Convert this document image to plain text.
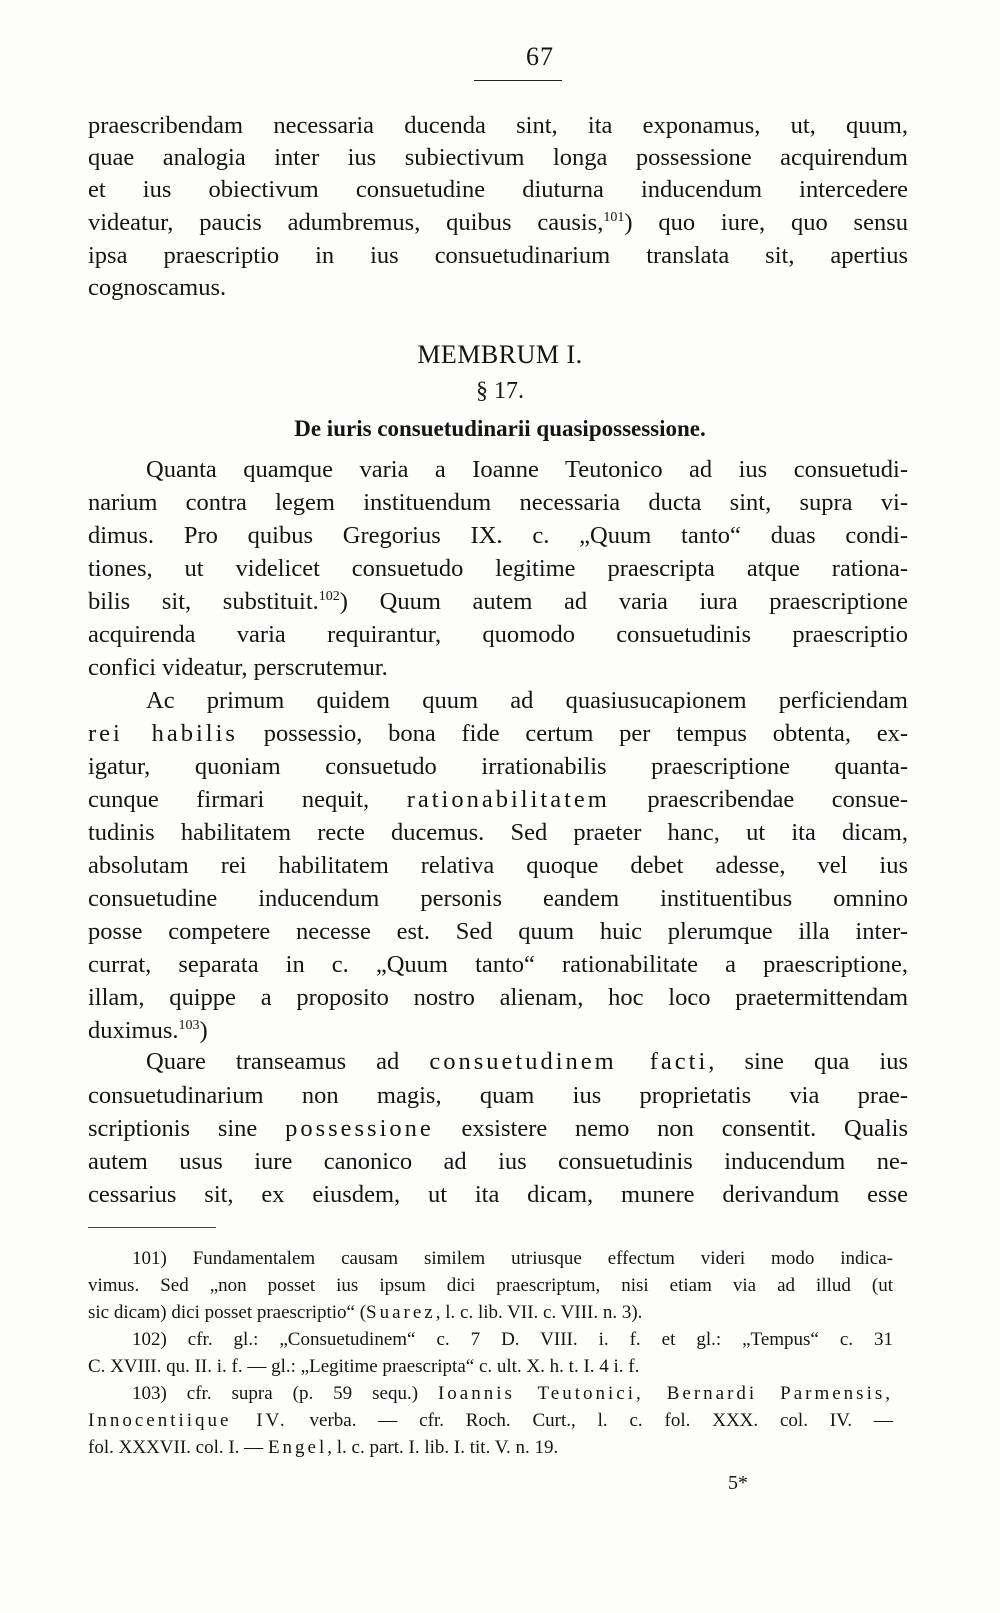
67
praescribendam necessaria ducenda sint, ita exponamus, ut, quum,
quae analogia inter ius subiectivum longa possessione acquirendum
et ius obiectivum consuetudine diuturna inducendum intercedere
videatur, paucis adumbremus, quibus causis,$^{101}$) quo iure, quo sensu
ipsa praescriptio in ius consuetudinarium translata sit, apertius
cognoscamus.
MEMBRUM I.
§ 17.
De iuris consuetudinarii quasipossessione.
Quanta quamque varia a Ioanne Teutonico ad ius consuetudi-
narium contra legem instituendum necessaria ducta sint, supra vi-
dimus. Pro quibus Gregorius IX. c. „Quum tanto“ duas condi-
tiones, ut videlicet consuetudo legitime praescripta atque rationa-
bilis sit, substituit.$^{102}$) Quum autem ad varia iura praescriptione
acquirenda varia requirantur, quomodo consuetudinis praescriptio
confici videatur, perscrutemur.
Ac primum quidem quum ad quasiusucapionem perficiendam
rei habilis possessio, bona fide certum per tempus obtenta, ex-
igatur, quoniam consuetudo irrationabilis praescriptione quanta-
cunque firmari nequit, rationabilitatem praescribendae consue-
tudinis habilitatem recte ducemus. Sed praeter hanc, ut ita dicam,
absolutam rei habilitatem relativa quoque debet adesse, vel ius
consuetudine inducendum personis eandem instituentibus omnino
posse competere necesse est. Sed quum huic plerumque illa inter-
currat, separata in c. „Quum tanto“ rationabilitate a praescriptione,
illam, quippe a proposito nostro alienam, hoc loco praetermittendam
duximus.$^{103}$)
Quare transeamus ad consuetudinem facti, sine qua ius
consuetudinarium non magis, quam ius proprietatis via prae-
scriptionis sine possessione exsistere nemo non consentit. Qualis
autem usus iure canonico ad ius consuetudinis inducendum ne-
cessarius sit, ex eiusdem, ut ita dicam, munere derivandum esse
101) Fundamentalem causam similem utriusque effectum videri modo indica-
vimus. Sed „non posset ius ipsum dici praescriptum, nisi etiam via ad illud (ut
sic dicam) dici posset praescriptio“ (Suarez, l. c. lib. VII. c. VIII. n. 3).
102) cfr. gl.: „Consuetudinem“ c. 7 D. VIII. i. f. et gl.: „Tempus“ c. 31
C. XVIII. qu. II. i. f. — gl.: „Legitime praescripta“ c. ult. X. h. t. I. 4 i. f.
103) cfr. supra (p. 59 sequ.) Ioannis Teutonici, Bernardi Parmensis,
Innocentiique IV. verba. — cfr. Roch. Curt., l. c. fol. XXX. col. IV. —
fol. XXXVII. col. I. — Engel, l. c. part. I. lib. I. tit. V. n. 19.
5*
